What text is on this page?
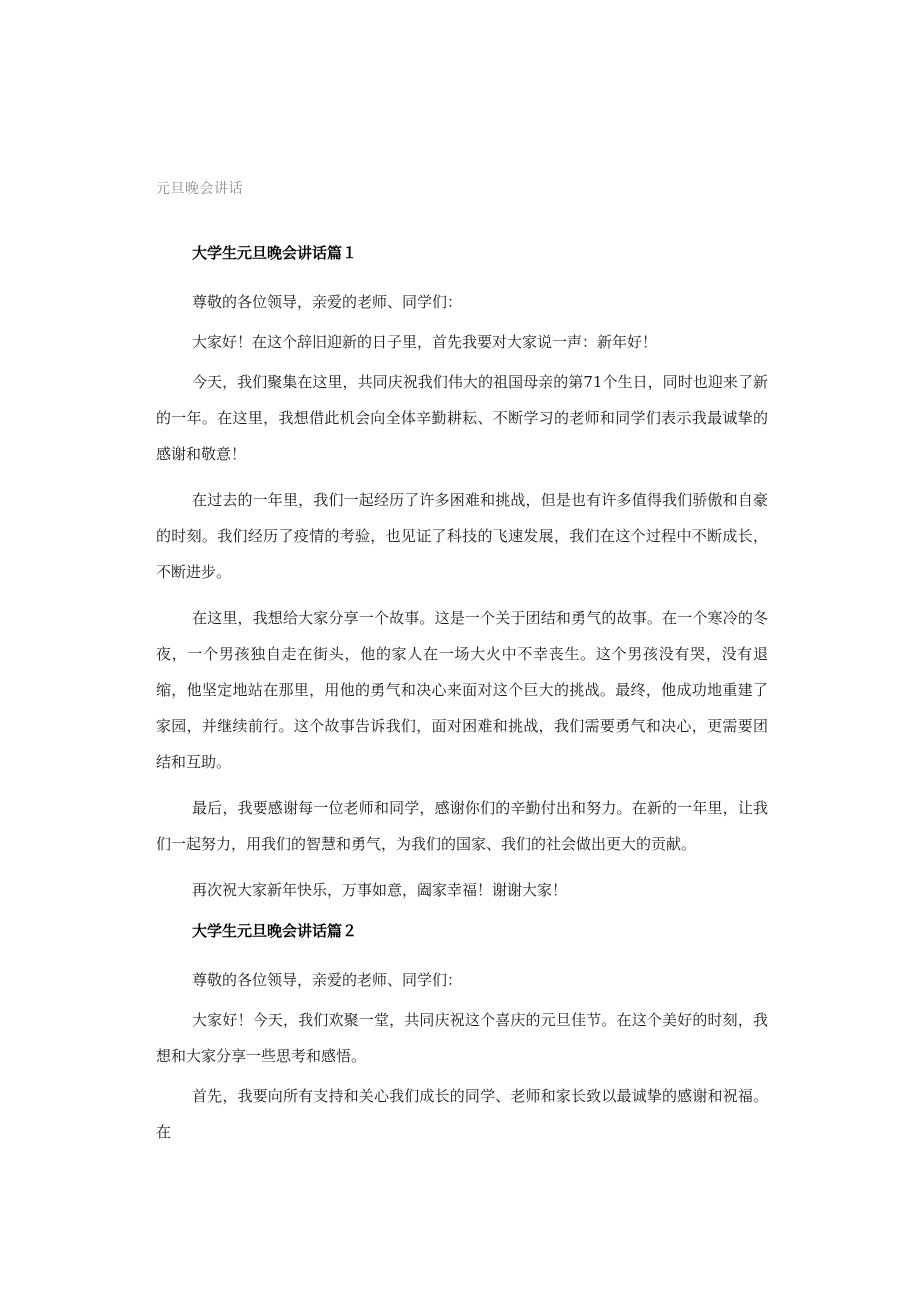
元旦晚会讲话
大学生元旦晚会讲话篇１
尊敬的各位领导，亲爱的老师、同学们：
大家好！在这个辞旧迎新的日子里，首先我要对大家说一声：新年好！
今天，我们聚集在这里，共同庆祝我们伟大的祖国母亲的第71个生日，同时也迎来了新的一年。在这里，我想借此机会向全体辛勤耕耘、不断学习的老师和同学们表示我最诚挚的感谢和敬意！
在过去的一年里，我们一起经历了许多困难和挑战，但是也有许多值得我们骄傲和自豪的时刻。我们经历了疫情的考验，也见证了科技的飞速发展，我们在这个过程中不断成长，不断进步。
在这里，我想给大家分享一个故事。这是一个关于团结和勇气的故事。在一个寒冷的冬夜，一个男孩独自走在街头，他的家人在一场大火中不幸丧生。这个男孩没有哭，没有退缩，他坚定地站在那里，用他的勇气和决心来面对这个巨大的挑战。最终，他成功地重建了家园，并继续前行。这个故事告诉我们，面对困难和挑战，我们需要勇气和决心，更需要团结和互助。
最后，我要感谢每一位老师和同学，感谢你们的辛勤付出和努力。在新的一年里，让我们一起努力，用我们的智慧和勇气，为我们的国家、我们的社会做出更大的贡献。
再次祝大家新年快乐，万事如意，阖家幸福！谢谢大家！
大学生元旦晚会讲话篇２
尊敬的各位领导，亲爱的老师、同学们：
大家好！今天，我们欢聚一堂，共同庆祝这个喜庆的元旦佳节。在这个美好的时刻，我想和大家分享一些思考和感悟。
首先，我要向所有支持和关心我们成长的同学、老师和家长致以最诚挚的感谢和祝福。在
